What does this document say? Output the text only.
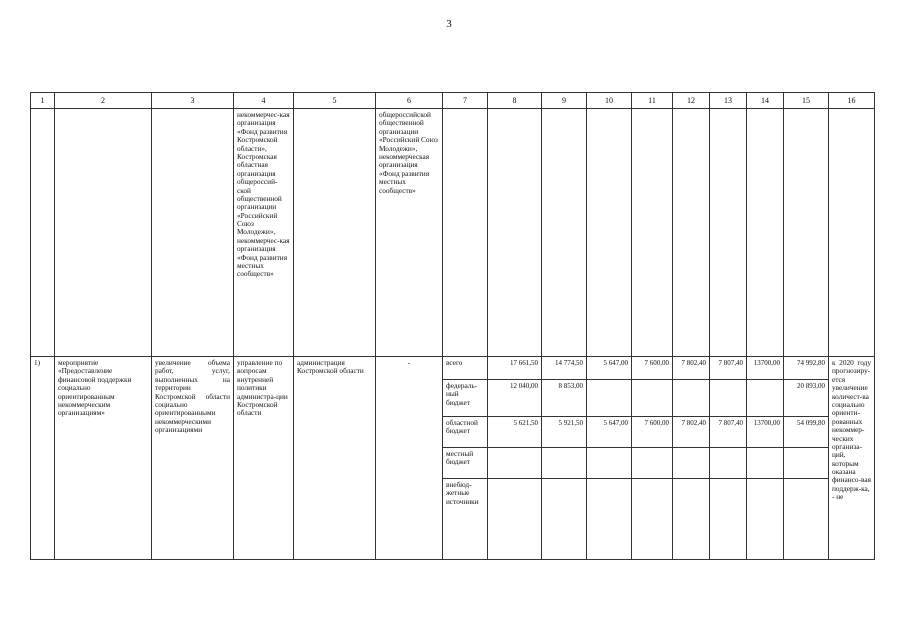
3
1	2	3	4	5	6	7	8	9	10	11	12	13	14	15	16
			некоммерчес-кая организация «Фонд развития Костромской области», Костромская областная организация общероссий-ской общественной организации «Российский Союз Молодежи», некоммерчес-кая организация «Фонд развития местных сообществ»		общероссийской общественной организации «Российский Союз Молодежи», некоммерческая организация «Фонд развития местных сообществ»										
1)	мероприятие «Предоставление финансовой поддержки социально ориентированным некоммерческим организациям»	увеличение объема работ, услуг, выполненных на территории Костромской области социально ориентированными некоммерческими организациями	управление по вопросам внутренней политики администра-ции Костромской области	администрация Костромской области	-	всего	17 661,50	14 774,50	5 647,00	7 600,00	7 802,40	7 807,40	13700,00	74 992,80	к 2020 году прогнозиру-ется увеличение количест-ва социально ориенти-рованных некоммер-ческих организа-ций, которым оказана финансо-вая поддерж-ка, - не
						федераль-ный бюджет	12 040,00	8 853,00						20 893,00	
						областной бюджет	5 621,50	5 921,50	5 647,00	7 600,00	7 802,40	7 807,40	13700,00	54 099,80	
						местный бюджет									
						внебюд-жетные источники									
